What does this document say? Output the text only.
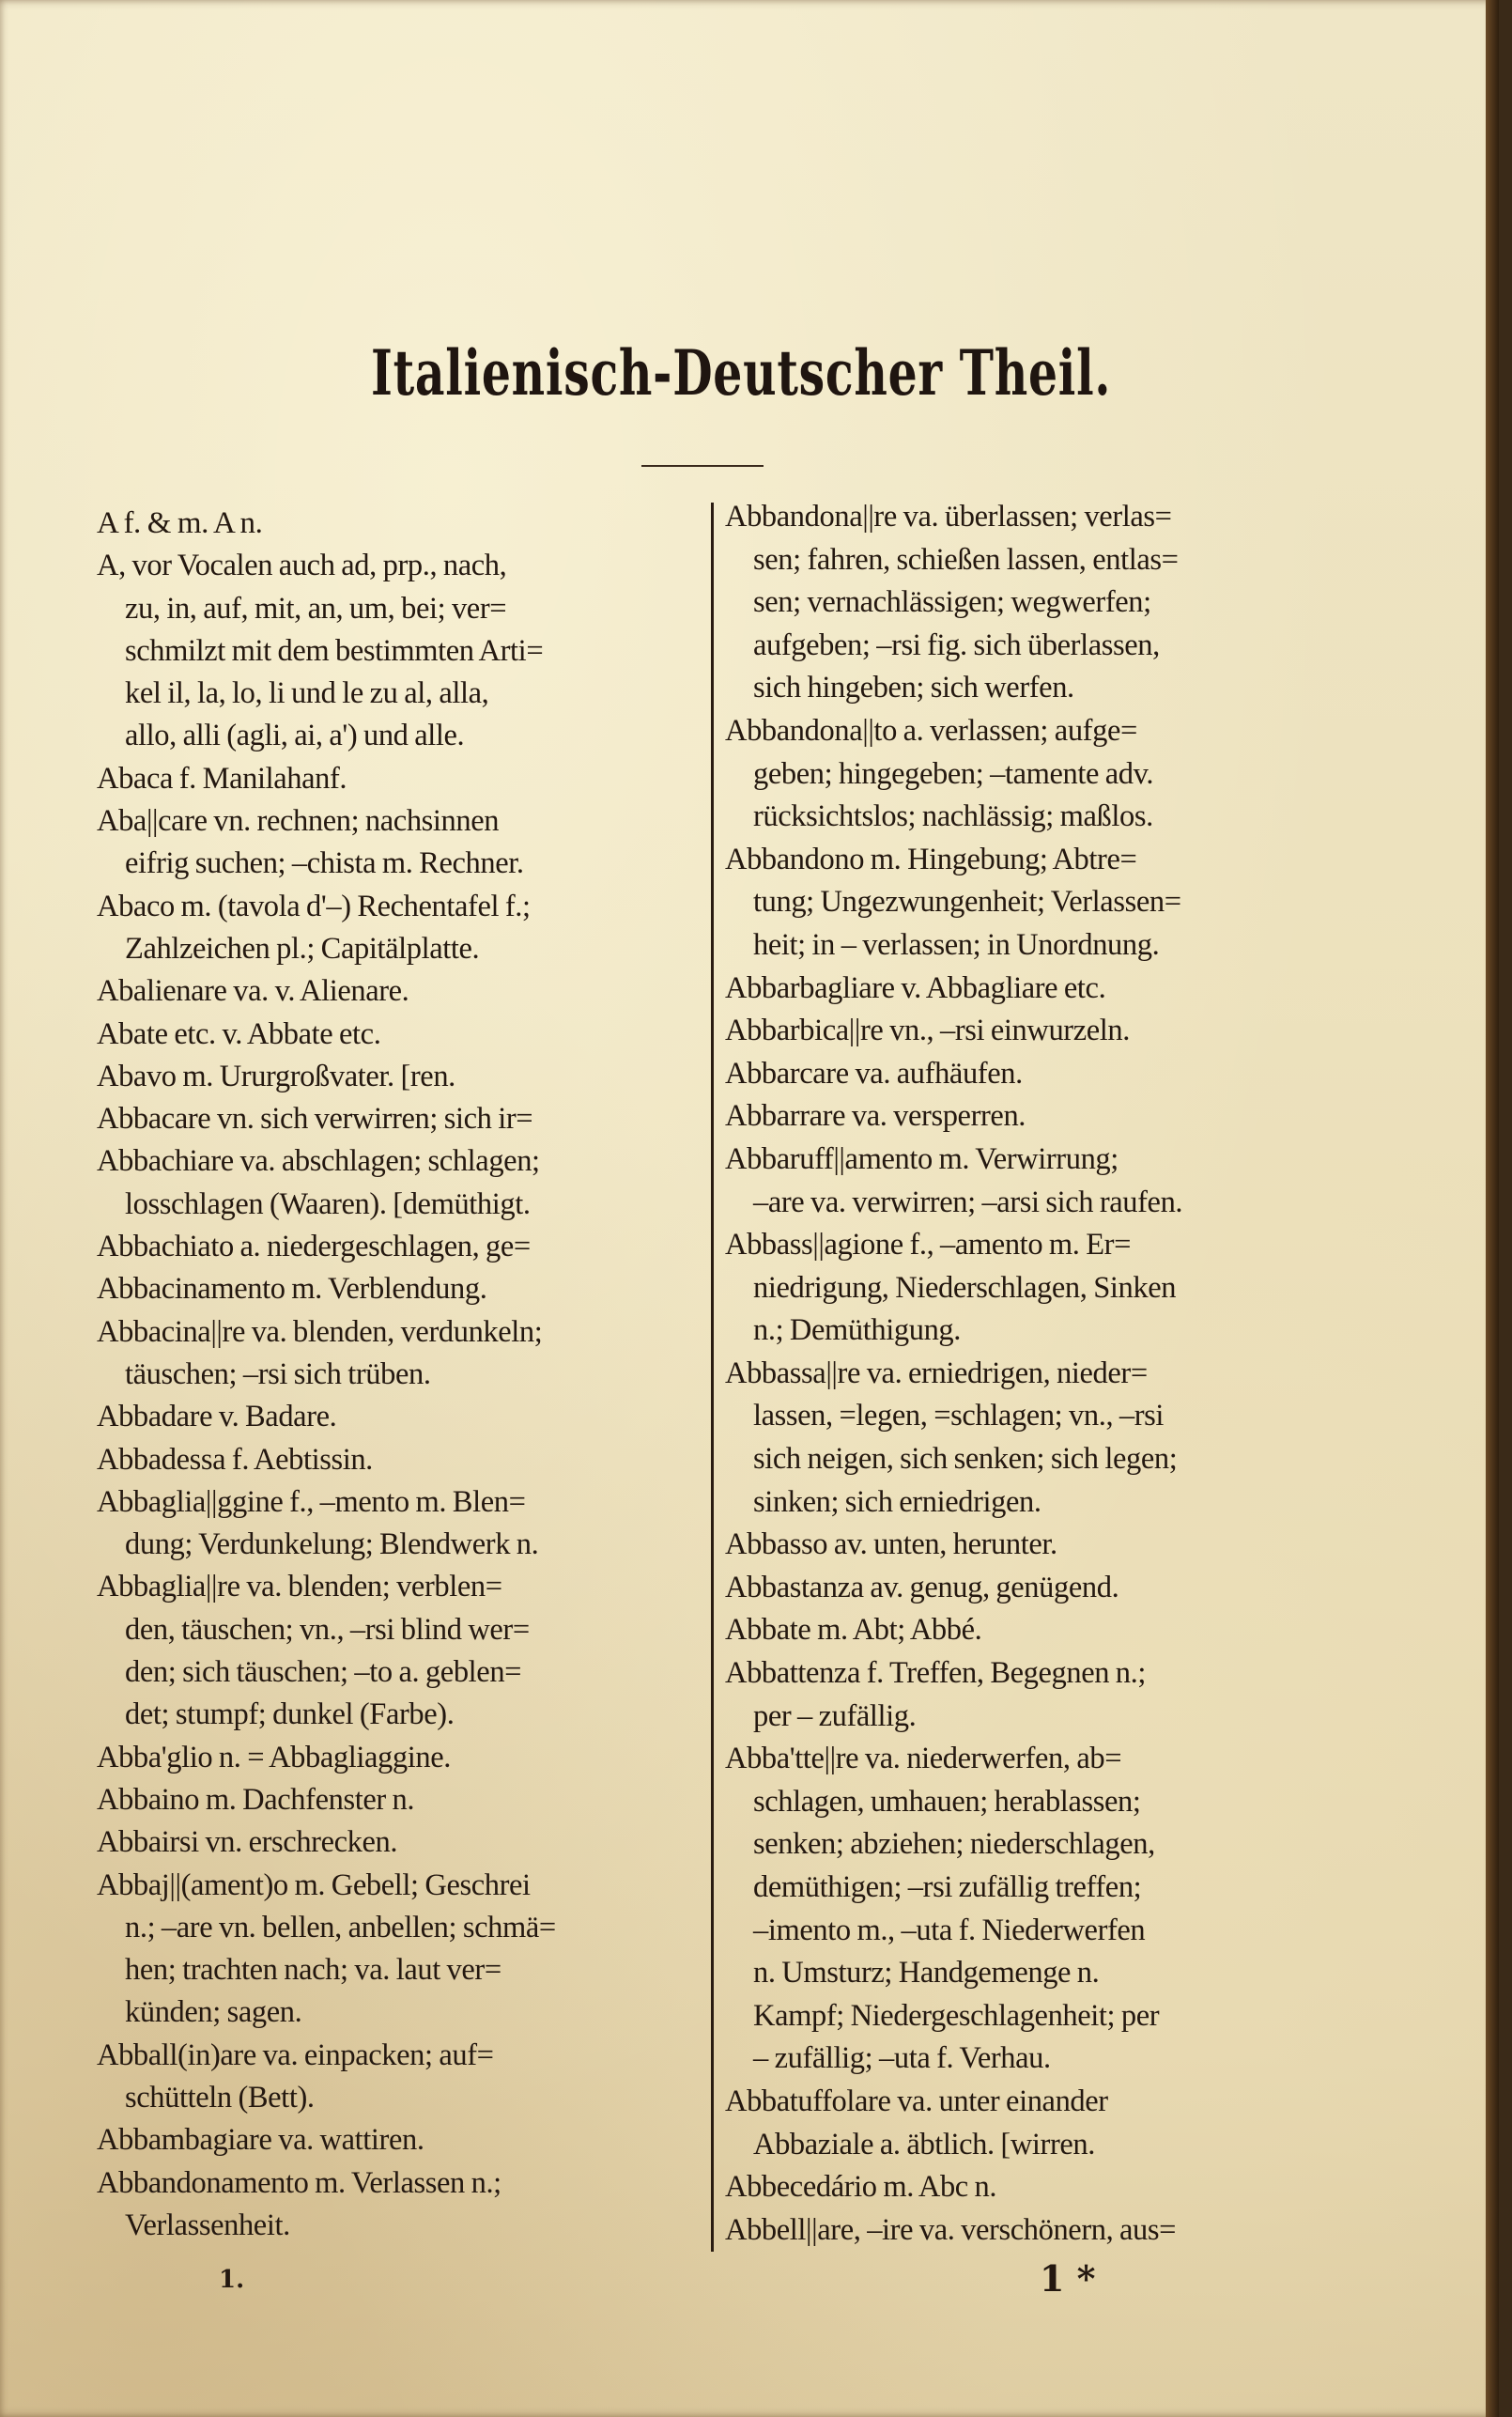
Italienisch-Deutscher Theil.
A f. & m. A n.
A, vor Vocalen auch ad, prp., nach,
zu, in, auf, mit, an, um, bei; ver=
schmilzt mit dem bestimmten Arti=
kel il, la, lo, li und le zu al, alla,
allo, alli (agli, ai, a') und alle.
Abaca f. Manilahanf.
Aba||care vn. rechnen; nachsinnen
eifrig suchen; –chista m. Rechner.
Abaco m. (tavola d'–) Rechentafel f.;
Zahlzeichen pl.; Capitälplatte.
Abalienare va. v. Alienare.
Abate etc. v. Abbate etc.
Abavo m. Ururgroßvater. [ren.
Abbacare vn. sich verwirren; sich ir=
Abbachiare va. abschlagen; schlagen;
losschlagen (Waaren). [demüthigt.
Abbachiato a. niedergeschlagen, ge=
Abbacinamento m. Verblendung.
Abbacina||re va. blenden, verdunkeln;
täuschen; –rsi sich trüben.
Abbadare v. Badare.
Abbadessa f. Aebtissin.
Abbaglia||ggine f., –mento m. Blen=
dung; Verdunkelung; Blendwerk n.
Abbaglia||re va. blenden; verblen=
den, täuschen; vn., –rsi blind wer=
den; sich täuschen; –to a. geblen=
det; stumpf; dunkel (Farbe).
Abba'glio n. = Abbagliaggine.
Abbaino m. Dachfenster n.
Abbairsi vn. erschrecken.
Abbaj||(ament)o m. Gebell; Geschrei
n.; –are vn. bellen, anbellen; schmä=
hen; trachten nach; va. laut ver=
künden; sagen.
Abball(in)are va. einpacken; auf=
schütteln (Bett).
Abbambagiare va. wattiren.
Abbandonamento m. Verlassen n.;
Verlassenheit.
Abbandona||re va. überlassen; verlas=
sen; fahren, schießen lassen, entlas=
sen; vernachlässigen; wegwerfen;
aufgeben; –rsi fig. sich überlassen,
sich hingeben; sich werfen.
Abbandona||to a. verlassen; aufge=
geben; hingegeben; –tamente adv.
rücksichtslos; nachlässig; maßlos.
Abbandono m. Hingebung; Abtre=
tung; Ungezwungenheit; Verlassen=
heit; in – verlassen; in Unordnung.
Abbarbagliare v. Abbagliare etc.
Abbarbica||re vn., –rsi einwurzeln.
Abbarcare va. aufhäufen.
Abbarrare va. versperren.
Abbaruff||amento m. Verwirrung;
–are va. verwirren; –arsi sich raufen.
Abbass||agione f., –amento m. Er=
niedrigung, Niederschlagen, Sinken
n.; Demüthigung.
Abbassa||re va. erniedrigen, nieder=
lassen, =legen, =schlagen; vn., –rsi
sich neigen, sich senken; sich legen;
sinken; sich erniedrigen.
Abbasso av. unten, herunter.
Abbastanza av. genug, genügend.
Abbate m. Abt; Abbé.
Abbattenza f. Treffen, Begegnen n.;
per – zufällig.
Abba'tte||re va. niederwerfen, ab=
schlagen, umhauen; herablassen;
senken; abziehen; niederschlagen,
demüthigen; –rsi zufällig treffen;
–imento m., –uta f. Niederwerfen
n. Umsturz; Handgemenge n.
Kampf; Niedergeschlagenheit; per
– zufällig; –uta f. Verhau.
Abbatuffolare va. unter einander
Abbaziale a. äbtlich. [wirren.
Abbecedário m. Abc n.
Abbell||are, –ire va. verschönern, aus=
1.	1 *
